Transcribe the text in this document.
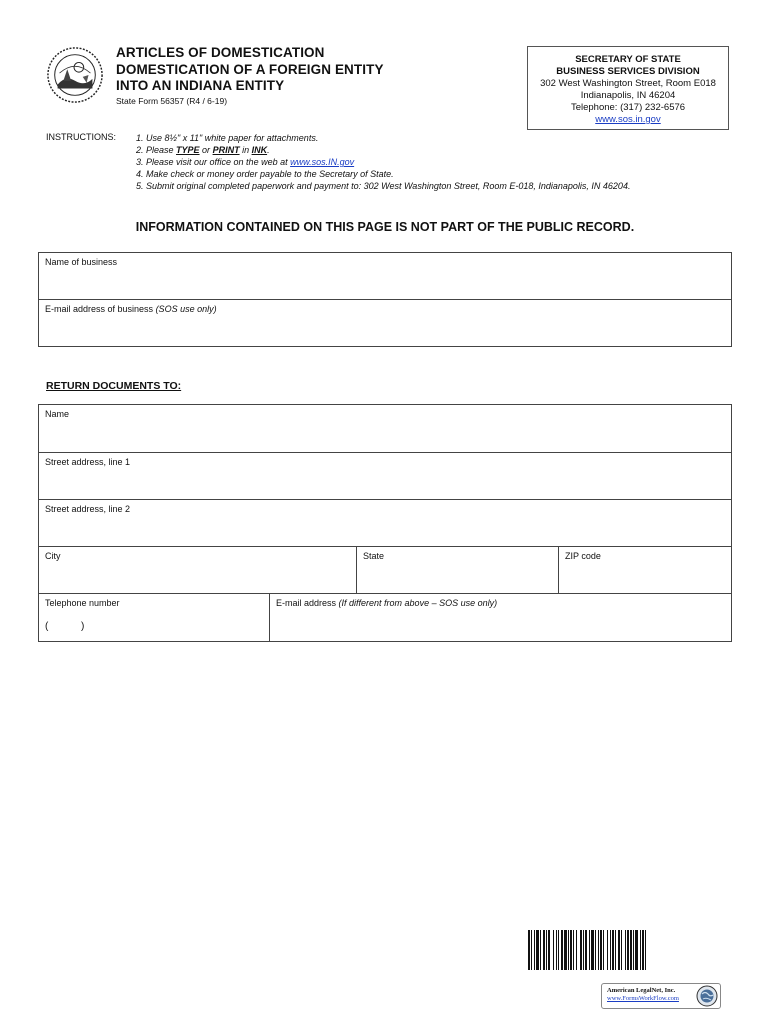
ARTICLES OF DOMESTICATION
DOMESTICATION OF A FOREIGN ENTITY
INTO AN INDIANA ENTITY
State Form 56357 (R4 / 6-19)
SECRETARY OF STATE
BUSINESS SERVICES DIVISION
302 West Washington Street, Room E018
Indianapolis, IN 46204
Telephone: (317) 232-6576
www.sos.in.gov
INSTRUCTIONS: 1. Use 8½" x 11" white paper for attachments.
2. Please TYPE or PRINT in INK.
3. Please visit our office on the web at www.sos.IN.gov
4. Make check or money order payable to the Secretary of State.
5. Submit original completed paperwork and payment to: 302 West Washington Street, Room E-018, Indianapolis, IN 46204.
INFORMATION CONTAINED ON THIS PAGE IS NOT PART OF THE PUBLIC RECORD.
Name of business
E-mail address of business (SOS use only)
RETURN DOCUMENTS TO:
Name
Street address, line 1
Street address, line 2
City	State	ZIP code
Telephone number
(	)
E-mail address (If different from above – SOS use only)
American LegalNet, Inc.
www.FormsWorkFlow.com
